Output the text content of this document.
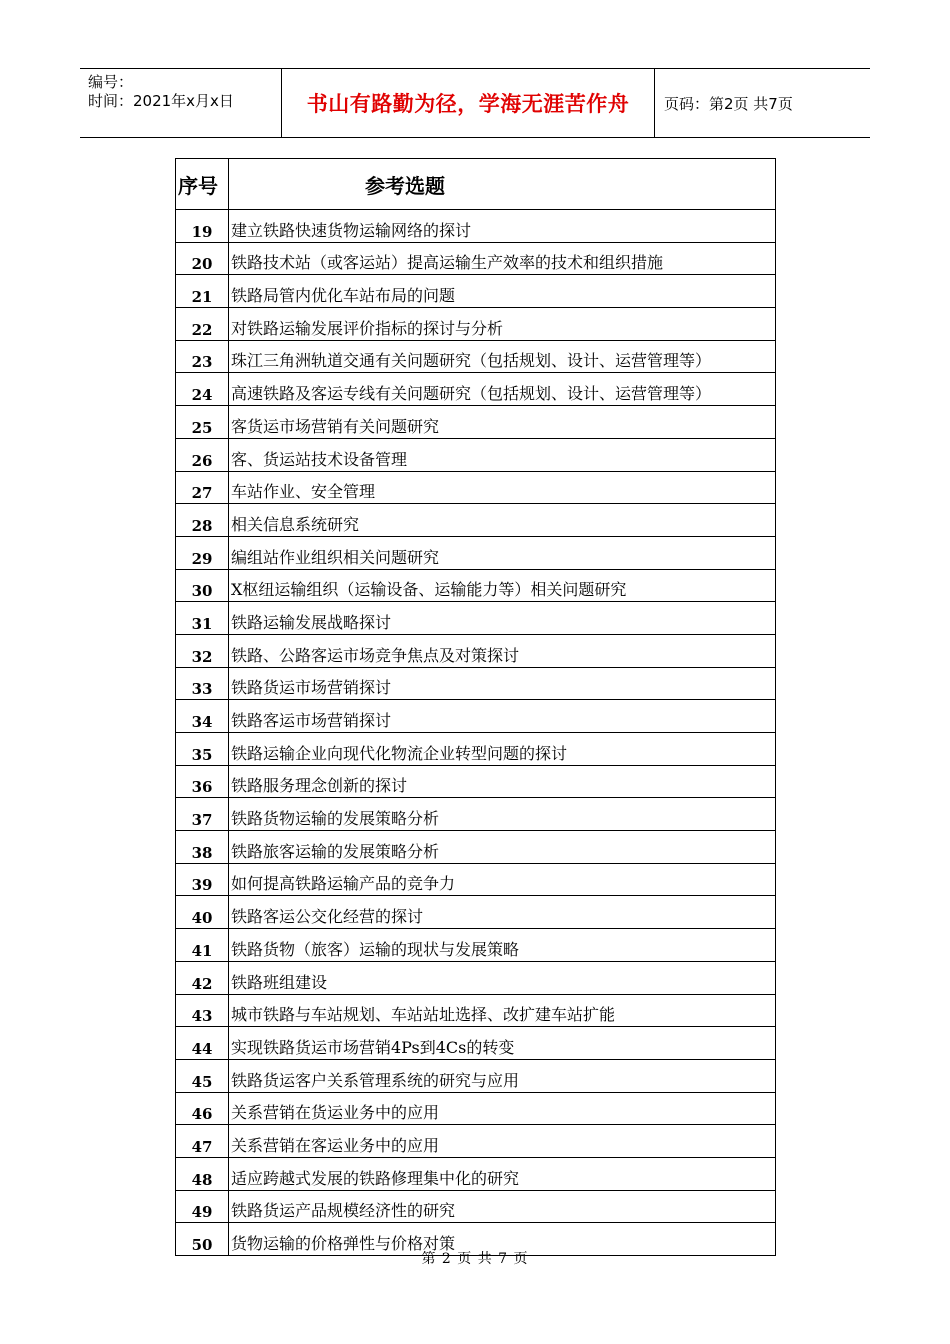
编号：
时间：2021年x月x日	书山有路勤为径，学海无涯苦作舟	页码：第2页 共7页
序号	参考选题
19	建立铁路快速货物运输网络的探讨
20	铁路技术站（或客运站）提高运输生产效率的技术和组织措施
21	铁路局管内优化车站布局的问题
22	对铁路运输发展评价指标的探讨与分析
23	珠江三角洲轨道交通有关问题研究（包括规划、设计、运营管理等）
24	高速铁路及客运专线有关问题研究（包括规划、设计、运营管理等）
25	客货运市场营销有关问题研究
26	客、货运站技术设备管理
27	车站作业、安全管理
28	相关信息系统研究
29	编组站作业组织相关问题研究
30	X枢纽运输组织（运输设备、运输能力等）相关问题研究
31	铁路运输发展战略探讨
32	铁路、公路客运市场竞争焦点及对策探讨
33	铁路货运市场营销探讨
34	铁路客运市场营销探讨
35	铁路运输企业向现代化物流企业转型问题的探讨
36	铁路服务理念创新的探讨
37	铁路货物运输的发展策略分析
38	铁路旅客运输的发展策略分析
39	如何提高铁路运输产品的竞争力
40	铁路客运公交化经营的探讨
41	铁路货物（旅客）运输的现状与发展策略
42	铁路班组建设
43	城市铁路与车站规划、车站站址选择、改扩建车站扩能
44	实现铁路货运市场营销4Ps到4Cs的转变
45	铁路货运客户关系管理系统的研究与应用
46	关系营销在货运业务中的应用
47	关系营销在客运业务中的应用
48	适应跨越式发展的铁路修理集中化的研究
49	铁路货运产品规模经济性的研究
50	货物运输的价格弹性与价格对策
第 2 页 共 7 页
